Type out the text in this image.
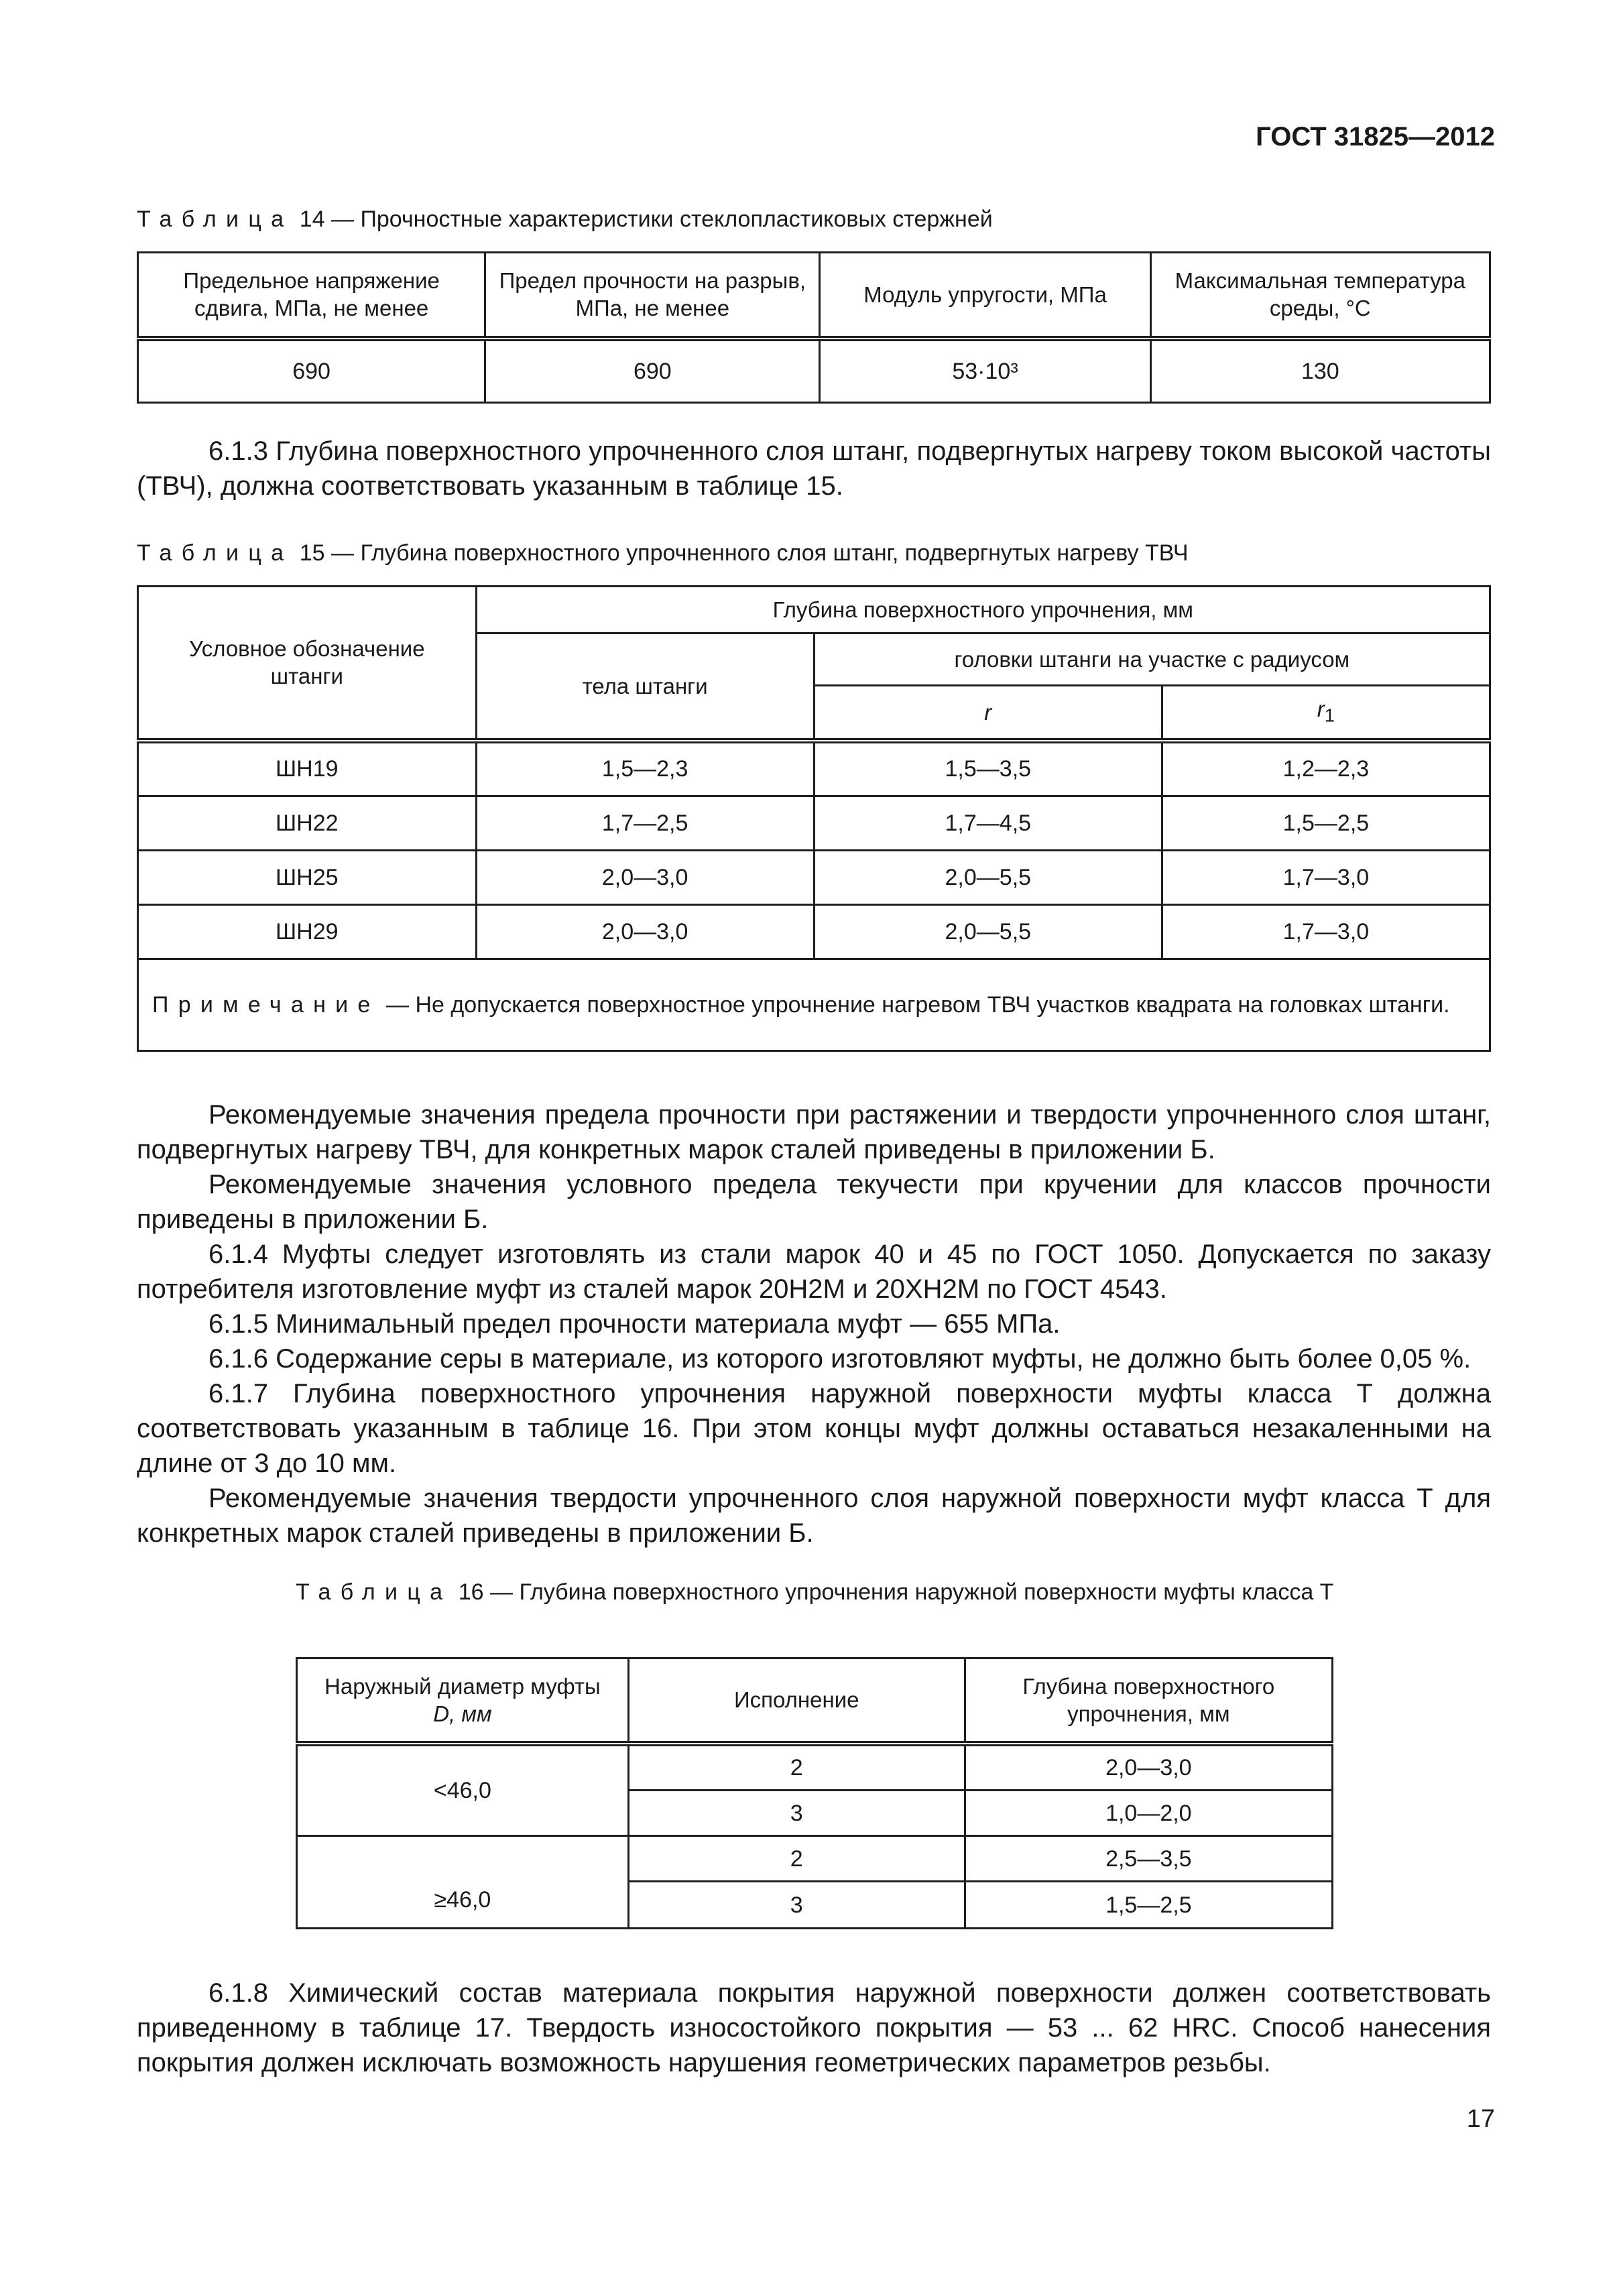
ГОСТ 31825—2012
Таблица 14 — Прочностные характеристики стеклопластиковых стержней
Предельное напряжение сдвига, МПа, не менее	Предел прочности на разрыв, МПа, не менее	Модуль упругости, МПа	Максимальная температура среды, °С
690	690	53·10³	130

6.1.3 Глубина поверхностного упрочненного слоя штанг, подвергнутых нагреву током высокой частоты (ТВЧ), должна соответствовать указанным в таблице 15.

Таблица 15 — Глубина поверхностного упрочненного слоя штанг, подвергнутых нагреву ТВЧ
Условное обозначение штанги	Глубина поверхностного упрочнения, мм		
	тела штанги	головки штанги на участке с радиусом	
		r	$r_1$
ШН19	1,5—2,3	1,5—3,5	1,2—2,3
ШН22	1,7—2,5	1,7—4,5	1,5—2,5
ШН25	2,0—3,0	2,0—5,5	1,7—3,0
ШН29	2,0—3,0	2,0—5,5	1,7—3,0
Примечание — Не допускается поверхностное упрочнение нагревом ТВЧ участков квадрата на головках штанги.			

Рекомендуемые значения предела прочности при растяжении и твердости упрочненного слоя штанг, подвергнутых нагреву ТВЧ, для конкретных марок сталей приведены в приложении Б.

Рекомендуемые значения условного предела текучести при кручении для классов прочности приведены в приложении Б.

6.1.4 Муфты следует изготовлять из стали марок 40 и 45 по ГОСТ 1050. Допускается по заказу потребителя изготовление муфт из сталей марок 20Н2М и 20ХН2М по ГОСТ 4543.

6.1.5 Минимальный предел прочности материала муфт — 655 МПа.

6.1.6 Содержание серы в материале, из которого изготовляют муфты, не должно быть более 0,05 %.

6.1.7 Глубина поверхностного упрочнения наружной поверхности муфты класса Т должна соответствовать указанным в таблице 16. При этом концы муфт должны оставаться незакаленными на длине от 3 до 10 мм.

Рекомендуемые значения твердости упрочненного слоя наружной поверхности муфт класса Т для конкретных марок сталей приведены в приложении Б.

Таблица 16 — Глубина поверхностного упрочнения наружной поверхности муфты класса Т
Наружный диаметр муфты
D, мм	Исполнение	Глубина поверхностного упрочнения, мм
<46,0	2	2,0—3,0
	3	1,0—2,0
≥46,0	2	2,5—3,5
	3	1,5—2,5

6.1.8 Химический состав материала покрытия наружной поверхности должен соответствовать приведенному в таблице 17. Твердость износостойкого покрытия — 53 ... 62 HRC. Способ нанесения покрытия должен исключать возможность нарушения геометрических параметров резьбы.

17
